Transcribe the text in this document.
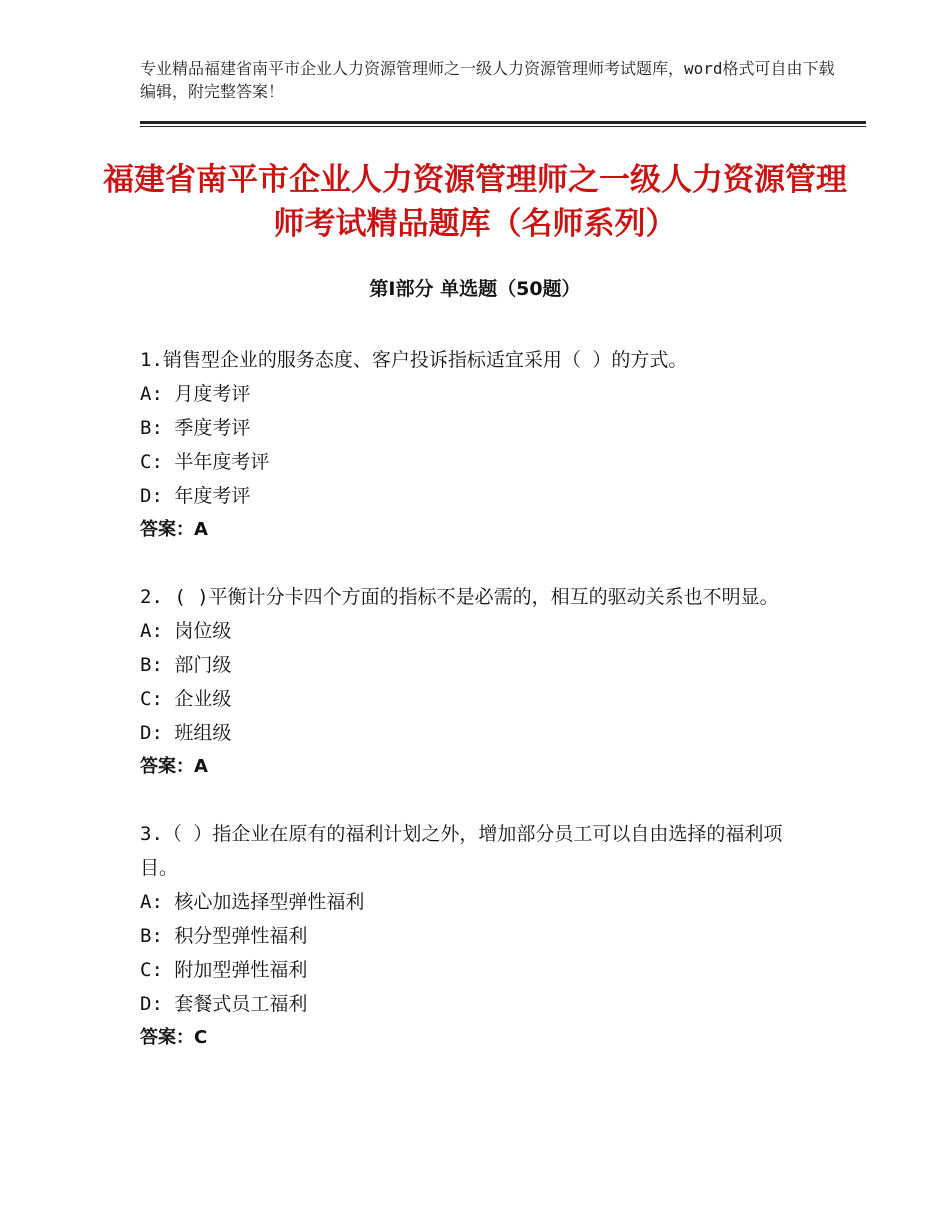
专业精品福建省南平市企业人力资源管理师之一级人力资源管理师考试题库，word格式可自由下载编辑，附完整答案！
福建省南平市企业人力资源管理师之一级人力资源管理师考试精品题库（名师系列）
第Ⅰ部分 单选题（50题）

1.销售型企业的服务态度、客户投诉指标适宜采用（ ）的方式。

A: 月度考评

B: 季度考评

C: 半年度考评

D: 年度考评

答案：A

2. ( )平衡计分卡四个方面的指标不是必需的，相互的驱动关系也不明显。

A: 岗位级

B: 部门级

C: 企业级

D: 班组级

答案：A

3.（ ）指企业在原有的福利计划之外，增加部分员工可以自由选择的福利项目。

A: 核心加选择型弹性福利

B: 积分型弹性福利

C: 附加型弹性福利

D: 套餐式员工福利

答案：C
